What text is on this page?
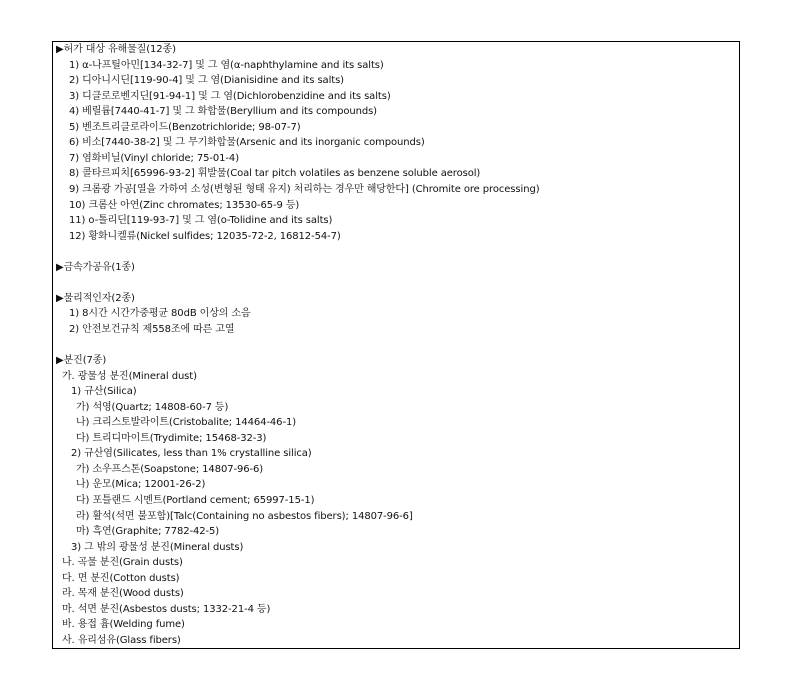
▶허가 대상 유해물질(12종)
1) α-나프틸아민[134-32-7] 및 그 염(α-naphthylamine and its salts)
2) 디아니시딘[119-90-4] 및 그 염(Dianisidine and its salts)
3) 디클로로벤지딘[91-94-1] 및 그 염(Dichlorobenzidine and its salts)
4) 베릴륨[7440-41-7] 및 그 화합물(Beryllium and its compounds)
5) 벤조트리클로라이드(Benzotrichloride; 98-07-7)
6) 비소[7440-38-2] 및 그 무기화합물(Arsenic and its inorganic compounds)
7) 염화비닐(Vinyl chloride; 75-01-4)
8) 콜타르피치[65996-93-2] 휘발물(Coal tar pitch volatiles as benzene soluble aerosol)
9) 크롬광 가공[열을 가하여 소성(변형된 형태 유지) 처리하는 경우만 해당한다] (Chromite ore processing)
10) 크롬산 아연(Zinc chromates; 13530-65-9 등)
11) o-톨리딘[119-93-7] 및 그 염(o-Tolidine and its salts)
12) 황화니켈류(Nickel sulfides; 12035-72-2, 16812-54-7)
▶금속가공유(1종)
▶물리적인자(2종)
1) 8시간 시간가중평균 80dB 이상의 소음
2) 안전보건규칙 제558조에 따른 고열
▶분진(7종)
가. 광물성 분진(Mineral dust)
1) 규산(Silica)
가) 석영(Quartz; 14808-60-7 등)
나) 크리스토발라이트(Cristobalite; 14464-46-1)
다) 트리디마이트(Trydimite; 15468-32-3)
2) 규산염(Silicates, less than 1% crystalline silica)
가) 소우프스톤(Soapstone; 14807-96-6)
나) 운모(Mica; 12001-26-2)
다) 포틀랜드 시멘트(Portland cement; 65997-15-1)
라) 활석(석면 불포함)[Talc(Containing no asbestos fibers); 14807-96-6]
마) 흑연(Graphite; 7782-42-5)
3) 그 밖의 광물성 분진(Mineral dusts)
나. 곡물 분진(Grain dusts)
다. 면 분진(Cotton dusts)
라. 목재 분진(Wood dusts)
마. 석면 분진(Asbestos dusts; 1332-21-4 등)
바. 용접 흄(Welding fume)
사. 유리섬유(Glass fibers)
